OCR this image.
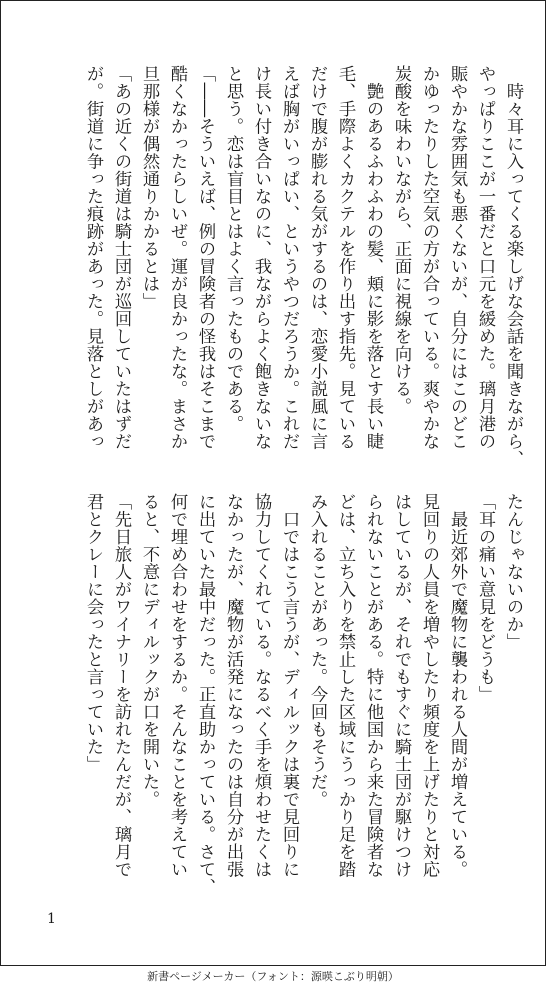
　時々耳に入ってくる楽しげな会話を聞きながら、
やっぱりここが一番だと口元を緩めた。璃月港の
賑やかな雰囲気も悪くないが、自分にはこのどこ
かゆったりした空気の方が合っている。爽やかな
炭酸を味わいながら、正面に視線を向ける。
　艶のあるふわふわの髪、頬に影を落とす長い睫
毛、手際よくカクテルを作り出す指先。見ている
だけで腹が膨れる気がするのは、恋愛小説風に言
えば胸がいっぱい、というやつだろうか。これだ
け長い付き合いなのに、我ながらよく飽きないな
と思う。恋は盲目とはよく言ったものである。
「――そういえば、例の冒険者の怪我はそこまで
酷くなかったらしいぜ。運が良かったな。まさか
旦那様が偶然通りかかるとは」
「あの近くの街道は騎士団が巡回していたはずだ
が。街道に争った痕跡があった。見落としがあっ
たんじゃないのか」
「耳の痛い意見をどうも」
　最近郊外で魔物に襲われる人間が増えている。
見回りの人員を増やしたり頻度を上げたりと対応
はしているが、それでもすぐに騎士団が駆けつけ
られないことがある。特に他国から来た冒険者な
どは、立ち入りを禁止した区域にうっかり足を踏
み入れることがあった。今回もそうだ。
　口ではこう言うが、ディルックは裏で見回りに
協力してくれている。なるべく手を煩わせたくは
なかったが、魔物が活発になったのは自分が出張
に出ていた最中だった。正直助かっている。さて、
何で埋め合わせをするか。そんなことを考えてい
ると、不意にディルックが口を開いた。
「先日旅人がワイナリーを訪れたんだが、璃月で
君とクレーに会ったと言っていた」
1
新書ページメーカー（フォント：源暎こぶり明朝）
